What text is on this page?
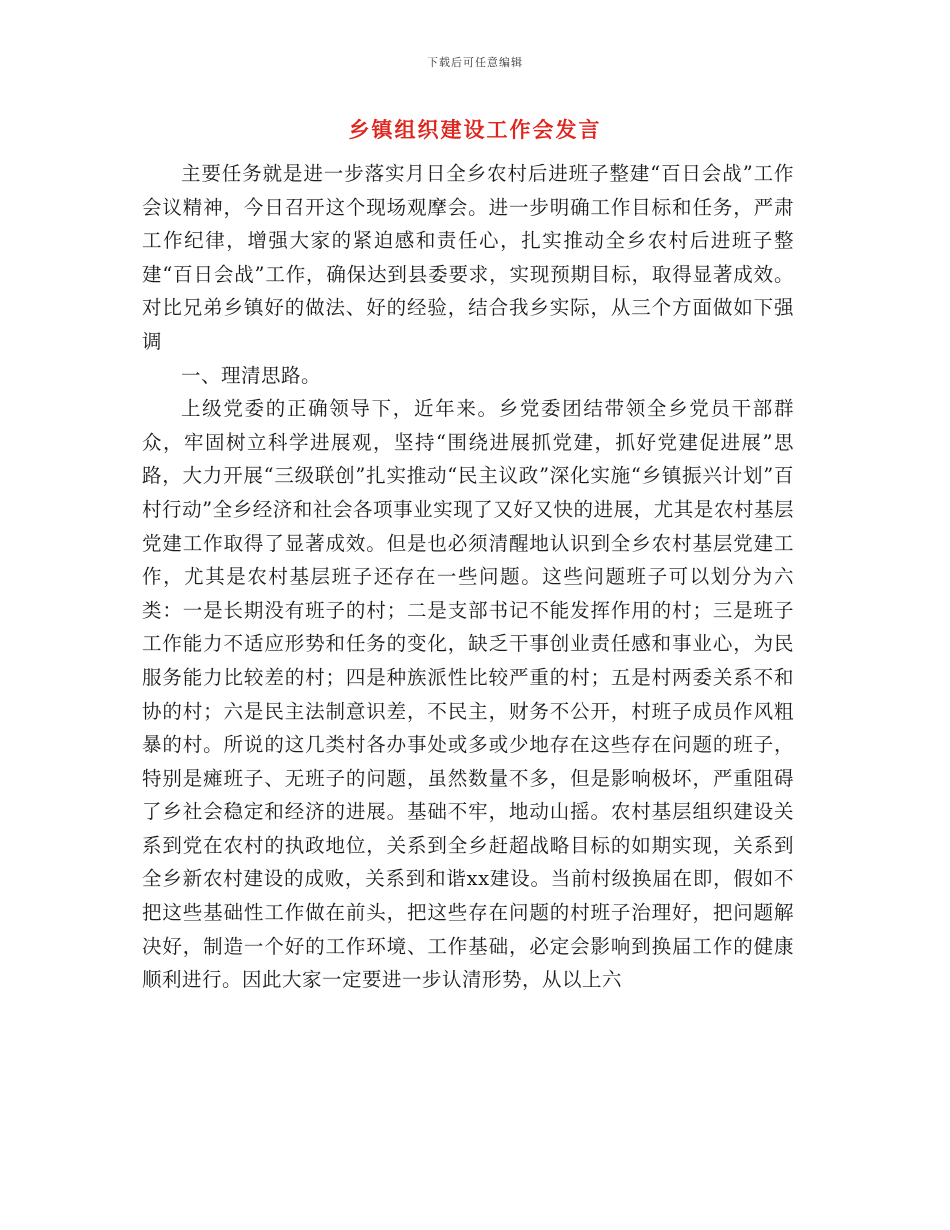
下载后可任意编辑
乡镇组织建设工作会发言

主要任务就是进一步落实月日全乡农村后进班子整建“百日会战”工作会议精神，今日召开这个现场观摩会。进一步明确工作目标和任务，严肃工作纪律，增强大家的紧迫感和责任心，扎实推动全乡农村后进班子整建“百日会战”工作，确保达到县委要求，实现预期目标，取得显著成效。对比兄弟乡镇好的做法、好的经验，结合我乡实际，从三个方面做如下强调

一、理清思路。

上级党委的正确领导下，近年来。乡党委团结带领全乡党员干部群众，牢固树立科学进展观，坚持“围绕进展抓党建，抓好党建促进展”思路，大力开展“三级联创”扎实推动“民主议政”深化实施“乡镇振兴计划”百村行动”全乡经济和社会各项事业实现了又好又快的进展，尤其是农村基层党建工作取得了显著成效。但是也必须清醒地认识到全乡农村基层党建工作，尤其是农村基层班子还存在一些问题。这些问题班子可以划分为六类：一是长期没有班子的村；二是支部书记不能发挥作用的村；三是班子工作能力不适应形势和任务的变化，缺乏干事创业责任感和事业心，为民服务能力比较差的村；四是种族派性比较严重的村；五是村两委关系不和协的村；六是民主法制意识差，不民主，财务不公开，村班子成员作风粗暴的村。所说的这几类村各办事处或多或少地存在这些存在问题的班子，特别是瘫班子、无班子的问题，虽然数量不多，但是影响极坏，严重阻碍了乡社会稳定和经济的进展。基础不牢，地动山摇。农村基层组织建设关系到党在农村的执政地位，关系到全乡赶超战略目标的如期实现，关系到全乡新农村建设的成败，关系到和谐xx建设。当前村级换届在即，假如不把这些基础性工作做在前头，把这些存在问题的村班子治理好，把问题解决好，制造一个好的工作环境、工作基础，必定会影响到换届工作的健康顺利进行。因此大家一定要进一步认清形势，从以上六
